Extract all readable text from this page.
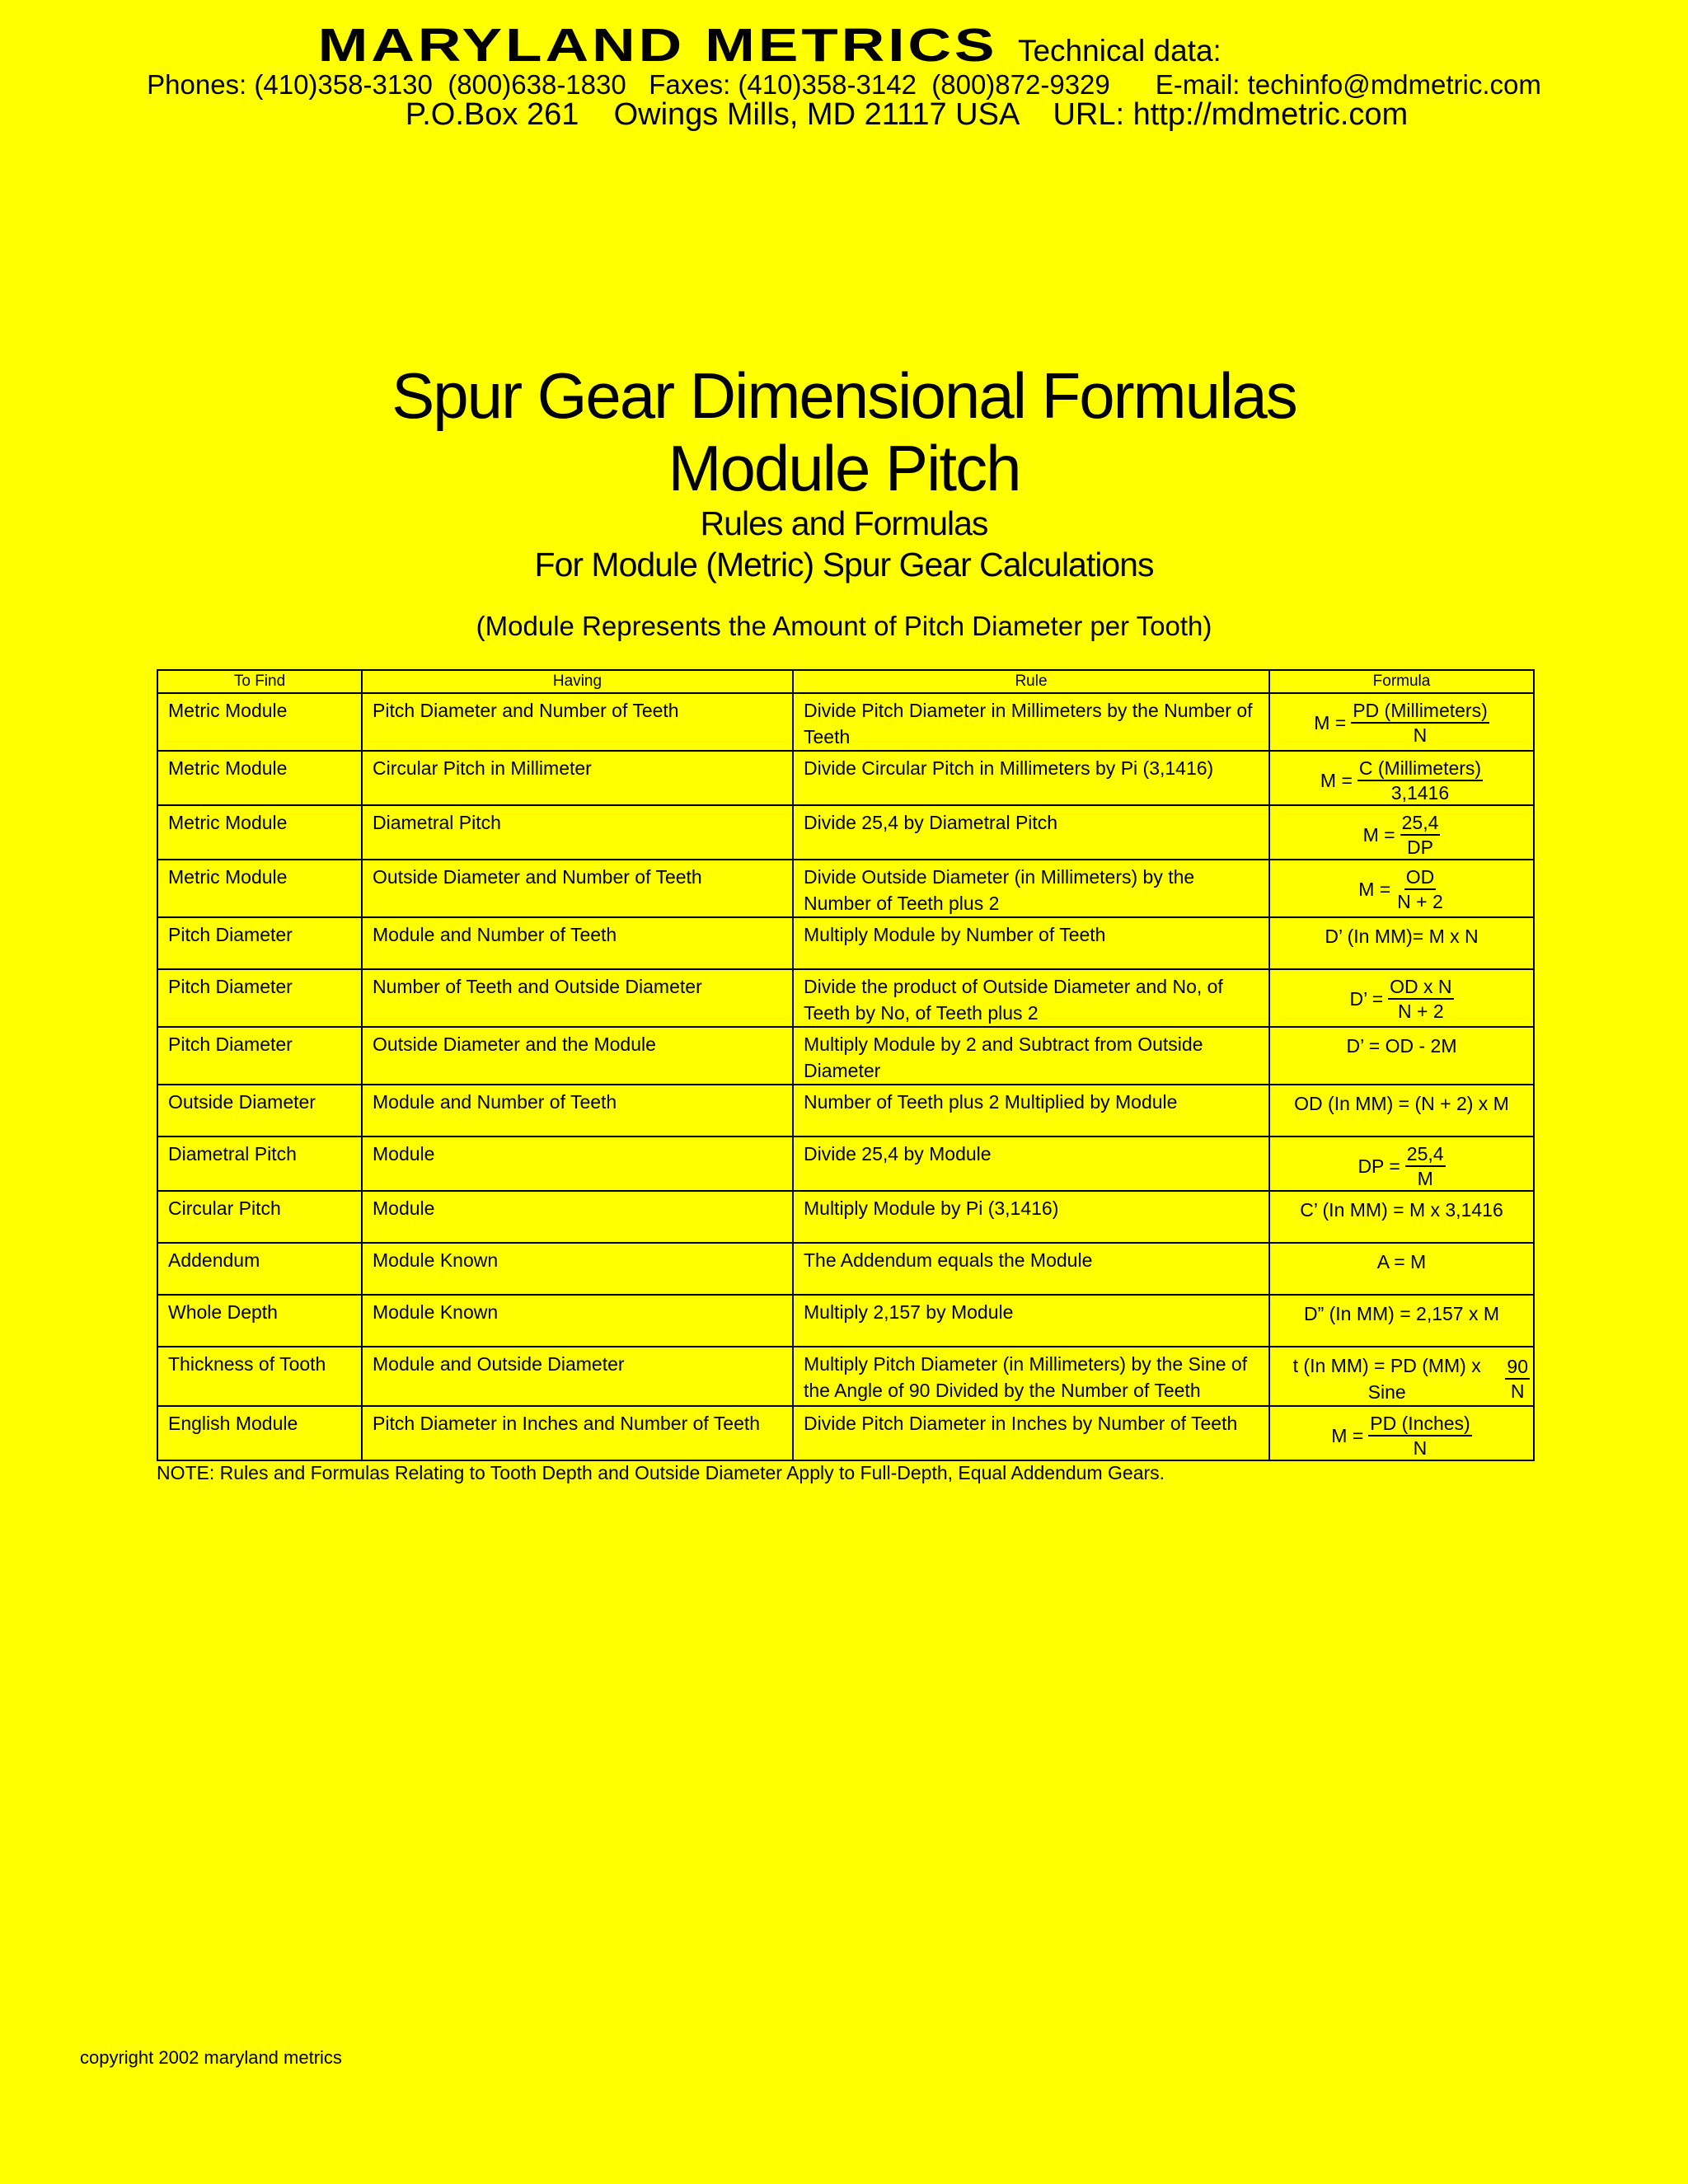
MARYLAND METRICS Technical data:
Phones: (410)358-3130  (800)638-1830   Faxes: (410)358-3142  (800)872-9329      E-mail: techinfo@mdmetric.com
P.O.Box 261    Owings Mills, MD 21117 USA    URL: http://mdmetric.com
Spur Gear Dimensional Formulas
Module Pitch
Rules and Formulas
For Module (Metric) Spur Gear Calculations
(Module Represents the Amount of Pitch Diameter per Tooth)
To Find	Having	Rule	Formula
Metric Module	Pitch Diameter and Number of Teeth	Divide Pitch Diameter in Millimeters by the Number of Teeth	$M = \frac{\text{PD (Millimeters)}}{N}$

Metric Module	Circular Pitch in Millimeter	Divide Circular Pitch in Millimeters by Pi (3,1416)	$M = \frac{\text{C (Millimeters)}}{3,1416}$

Metric Module	Diametral Pitch	Divide 25,4 by Diametral Pitch	$M = \frac{25,4}{DP}$

Metric Module	Outside Diameter and Number of Teeth	Divide Outside Diameter (in Millimeters) by the Number of Teeth plus 2	$M = \frac{OD}{N + 2}$

Pitch Diameter	Module and Number of Teeth	Multiply Module by Number of Teeth	D’ (In MM)= M x N
Pitch Diameter	Number of Teeth and Outside Diameter	Divide the product of Outside Diameter and No, of Teeth by No, of Teeth plus 2	D’ = $\frac{\text{OD x N}}{N + 2}$

Pitch Diameter	Outside Diameter and the Module	Multiply Module by 2 and Subtract from Outside Diameter	D’ = OD - 2M
Outside Diameter	Module and Number of Teeth	Number of Teeth plus 2 Multiplied by Module	OD (In MM) = (N + 2) x M
Diametral Pitch	Module	Divide 25,4 by Module	DP = $\frac{25,4}{M}$

Circular Pitch	Module	Multiply Module by Pi (3,1416)	C’ (In MM) = M x 3,1416
Addendum	Module Known	The Addendum equals the Module	A = M
Whole Depth	Module Known	Multiply 2,157 by Module	D” (In MM) = 2,157 x M
Thickness of Tooth	Module and Outside Diameter	Multiply Pitch Diameter (in Millimeters) by the Sine of the Angle of 90 Divided by the Number of Teeth	t (In MM) = PD (MM) x Sine $\frac{90}{N}$

English Module	Pitch Diameter in Inches and Number of Teeth	Divide Pitch Diameter in Inches by Number of Teeth	$M = \frac{\text{PD (Inches)}}{N}$
NOTE: Rules and Formulas Relating to Tooth Depth and Outside Diameter Apply to Full-Depth, Equal Addendum Gears.
copyright 2002 maryland metrics
